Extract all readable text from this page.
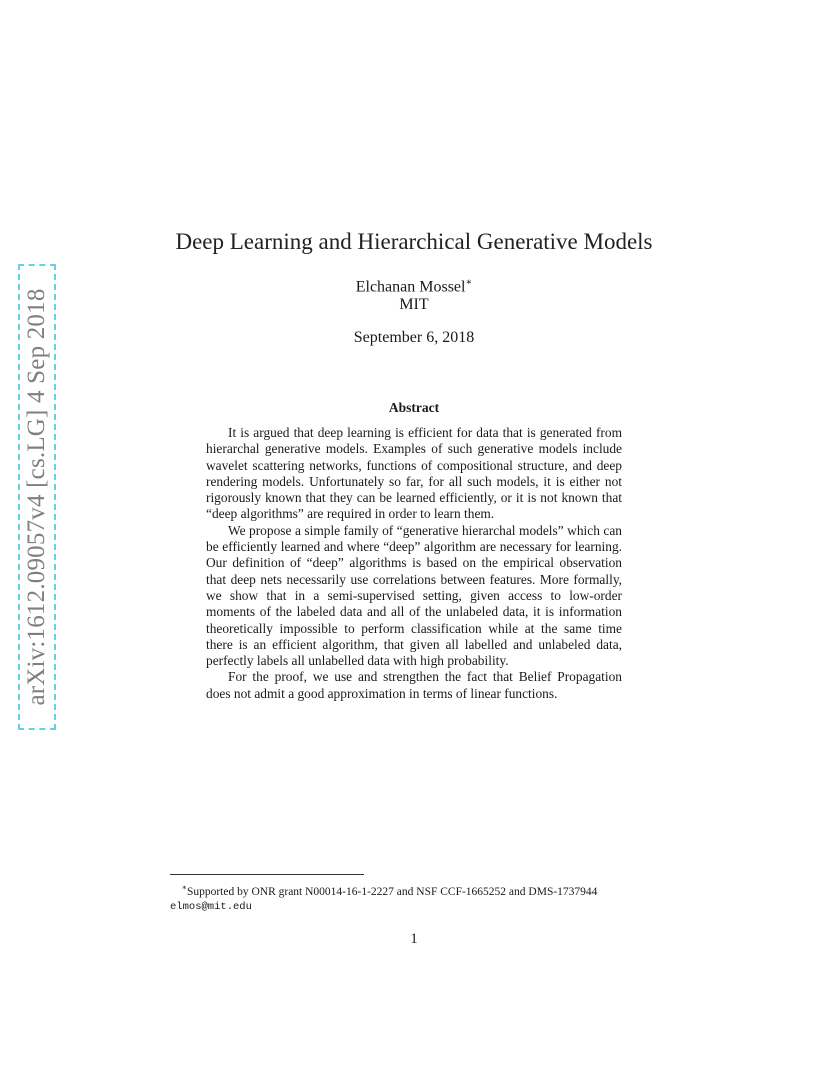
arXiv:1612.09057v4 [cs.LG] 4 Sep 2018
Deep Learning and Hierarchical Generative Models
Elchanan Mossel∗
MIT
September 6, 2018
Abstract

It is argued that deep learning is efficient for data that is generated from hierarchal generative models. Examples of such generative models include wavelet scattering networks, functions of compositional structure, and deep rendering models. Unfortunately so far, for all such models, it is either not rigorously known that they can be learned efficiently, or it is not known that “deep algorithms” are required in order to learn them.

We propose a simple family of “generative hierarchal models” which can be efficiently learned and where “deep” algorithm are necessary for learning. Our definition of “deep” algorithms is based on the empirical observation that deep nets necessarily use correlations between features. More formally, we show that in a semi-supervised setting, given access to low-order moments of the labeled data and all of the unlabeled data, it is information theoretically impossible to perform classification while at the same time there is an efficient algorithm, that given all labelled and unlabeled data, perfectly labels all unlabelled data with high probability.

For the proof, we use and strengthen the fact that Belief Propagation does not admit a good approximation in terms of linear functions.

∗Supported by ONR grant N00014-16-1-2227 and NSF CCF-1665252 and DMS-1737944
elmos@mit.edu
1
